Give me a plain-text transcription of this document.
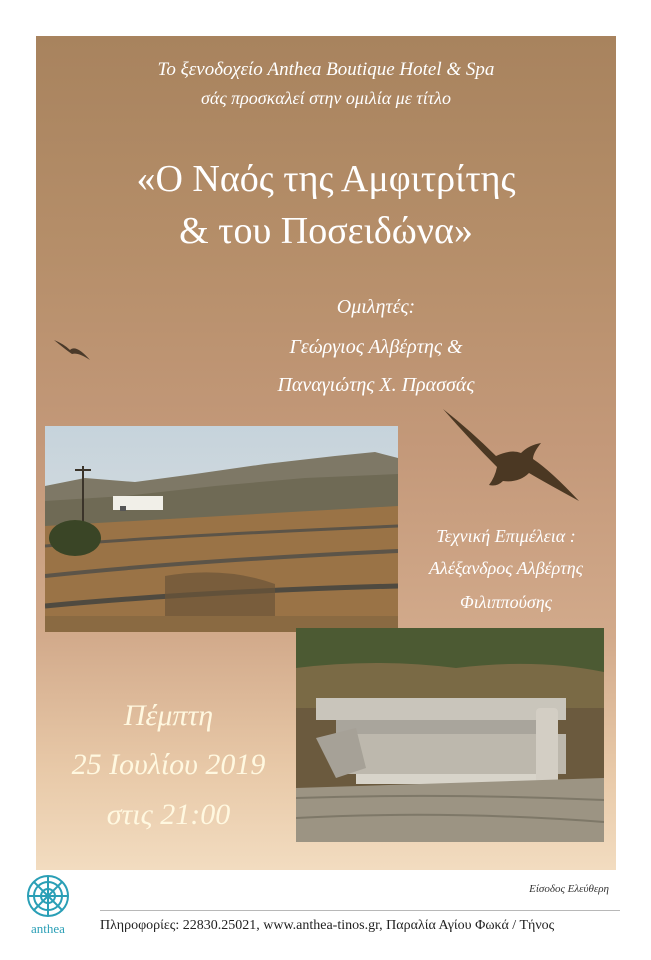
Το ξενοδοχείο Anthea Boutique Hotel & Spa
σάς προσκαλεί στην ομιλία με τίτλο
«Ο Ναός της Αμφιτρίτης
& του Ποσειδώνα»
Ομιλητές:
Γεώργιος Αλβέρτης &
Παναγιώτης Χ. Πρασσάς
Τεχνική Επιμέλεια :
Αλέξανδρος Αλβέρτης
Φιλιππούσης
Πέμπτη
25 Ιουλίου 2019
στις 21:00
Είσοδος Ελεύθερη
Πληροφορίες: 22830.25021, www.anthea-tinos.gr, Παραλία Αγίου Φωκά / Τήνος
anthea
